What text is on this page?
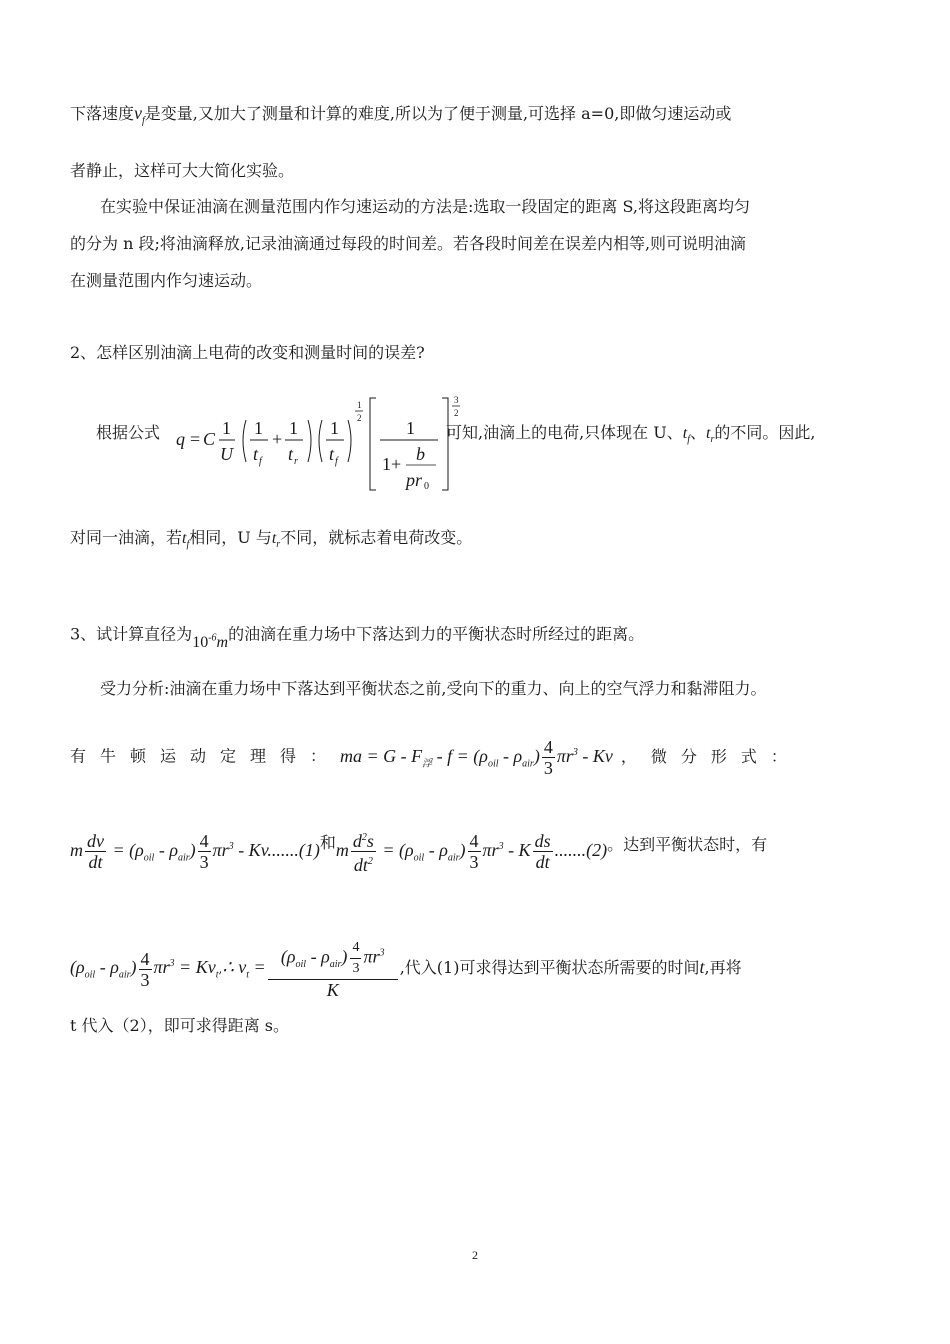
下落速度$v_f$是变量,又加大了测量和计算的难度,所以为了便于测量,可选择 a=0,即做匀速运动或
者静止，这样可大大简化实验。
在实验中保证油滴在测量范围内作匀速运动的方法是:选取一段固定的距离 S,将这段距离均匀
的分为 n 段;将油滴释放,记录油滴通过每段的时间差。若各段时间差在误差内相等,则可说明油滴
在测量范围内作匀速运动。
2、怎样区别油滴上电荷的改变和测量时间的误差?
根据公式 q = C
1
U
1
t f
+
1
t r
1
t f
1
2 1
1+ b
pr 0
3
2
可知,油滴上的电荷,只体现在 U、$t_f$、$t_r$的不同。因此,
对同一油滴，若$t_f$相同，U 与$t_r$不同，就标志着电荷改变。
3、试计算直径为$10^{-6}m$的油滴在重力场中下落达到力的平衡状态时所经过的距离。
受力分析:油滴在重力场中下落达到平衡状态之前,受向下的重力、向上的空气浮力和黏滞阻力。
有牛顿运动定理得：ma = $G - F_浮 - f = (\rho_{oil} - \rho_{air}) \frac{4}{3} \pi r^3 - Kv$ ，微分形式：
m $\frac{dv}{dt} = (\rho_{oil} - \rho_{air}) \frac{4}{3} \pi r^3 - Kv.......(1)$和m $\frac{d^2s}{dt^2} = (\rho_{oil} - \rho_{air}) \frac{4}{3} \pi r^3 - K \frac{ds}{dt} .......(2)$。达到平衡状态时，有
$(\rho_{oil} - \rho_{air}) \frac{4}{3} \pi r^3$ = $Kv_t,\therefore$ $v_t = \frac{(\rho_{oil} - \rho_{air}) \frac{4}{3} \pi r^3}{K}$ ,代入(1)可求得达到平衡状态所需要的时间t,再将
t 代入（2），即可求得距离 s。
2
